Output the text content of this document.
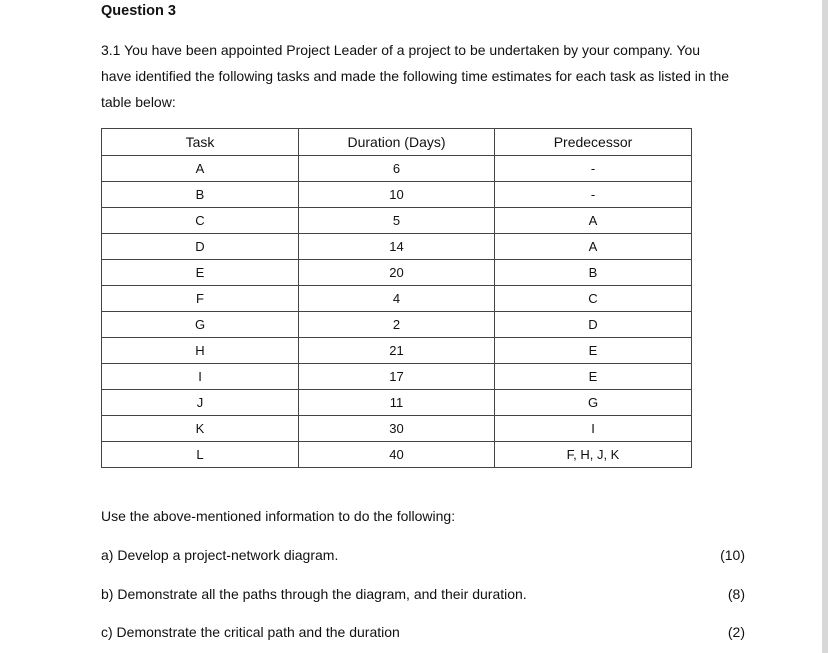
Question 3

3.1 You have been appointed Project Leader of a project to be undertaken by your company. You
have identified the following tasks and made the following time estimates for each task as listed in the
table below:

Task	Duration (Days)	Predecessor
A	6	-
B	10	-
C	5	A
D	14	A
E	20	B
F	4	C
G	2	D
H	21	E
I	17	E
J	11	G
K	30	I
L	40	F, H, J, K
Use the above-mentioned information to do the following:
a) Develop a project-network diagram.	(10)
b) Demonstrate all the paths through the diagram, and their duration.	(8)
c) Demonstrate the critical path and the duration	(2)
